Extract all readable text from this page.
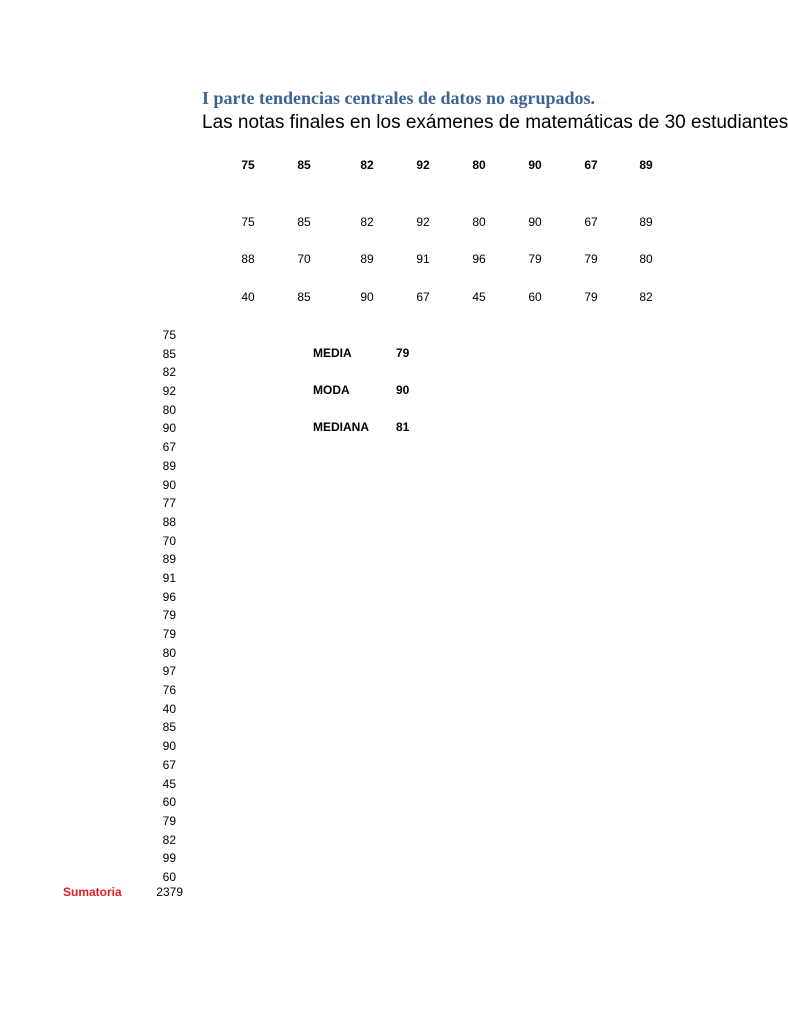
I parte tendencias centrales de datos no agrupados.
Las notas finales en los exámenes de matemáticas de 30 estudiantes
75	85	82	92	80	90	67	89
75	85	82	92	80	90	67	89
88	70	89	91	96	79	79	80
40	85	90	67	45	60	79	82
75
85
82
92
80
90
67
89
90
77
88
70
89
91
96
79
79
80
97
76
40
85
90
67
45
60
79
82
99
60
MEDIA	79
MODA	90
MEDIANA 81
Sumatoria	2379
